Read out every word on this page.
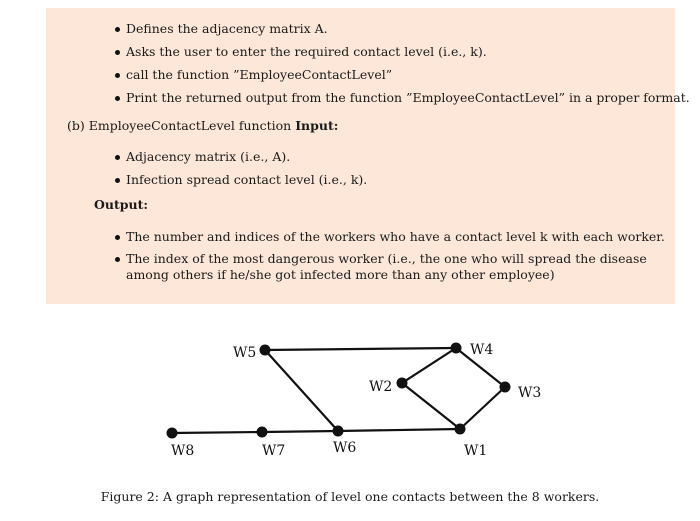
Defines the adjacency matrix A.
Asks the user to enter the required contact level (i.e., k).
call the function ”EmployeeContactLevel”
Print the returned output from the function ”EmployeeContactLevel” in a proper format.
(b) EmployeeContactLevel function Input:
Adjacency matrix (i.e., A).
Infection spread contact level (i.e., k).
Output:
The number and indices of the workers who have a contact level k with each worker.
The index of the most dangerous worker (i.e., the one who will spread the disease among others if he/she got infected more than any other employee)
W5	W4
W2	W3
W8	W7	W6	W1
Figure 2: A graph representation of level one contacts between the 8 workers.
